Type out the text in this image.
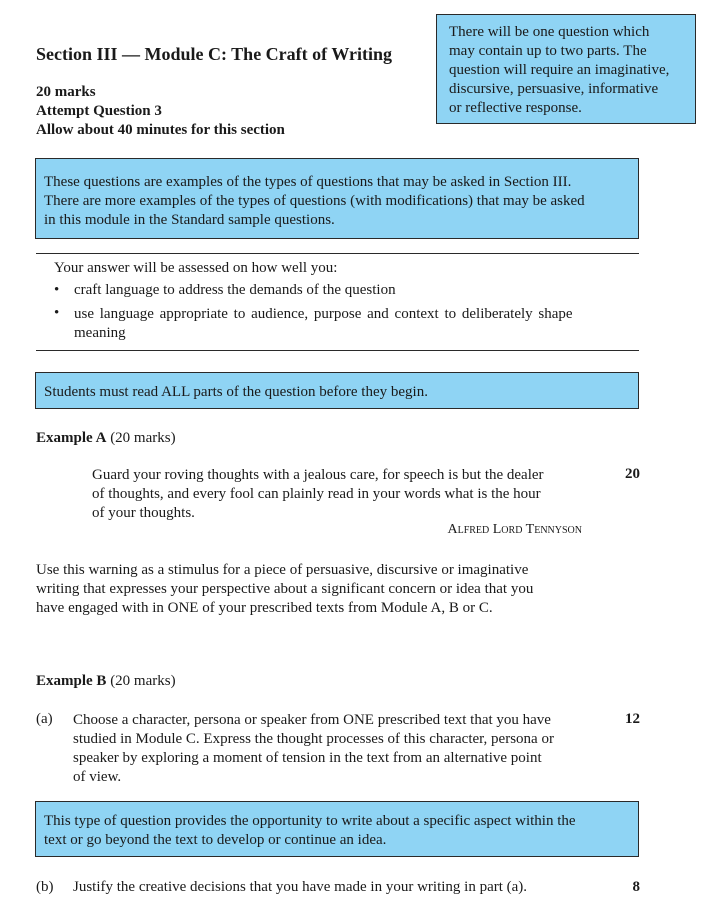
Section III — Module C: The Craft of Writing
20 marks
Attempt Question 3
Allow about 40 minutes for this section
There will be one question which
may contain up to two parts. The
question will require an imaginative,
discursive, persuasive, informative
or reflective response.
These questions are examples of the types of questions that may be asked in Section III.
There are more examples of the types of questions (with modifications) that may be asked
in this module in the Standard sample questions.
Your answer will be assessed on how well you:
• craft language to address the demands of the question
• use language appropriate to audience, purpose and context to deliberately shape
meaning
Students must read ALL parts of the question before they begin.
Example A (20 marks)
Guard your roving thoughts with a jealous care, for speech is but the dealer
of thoughts, and every fool can plainly read in your words what is the hour
of your thoughts.
20
Alfred Lord Tennyson
Use this warning as a stimulus for a piece of persuasive, discursive or imaginative
writing that expresses your perspective about a significant concern or idea that you
have engaged with in ONE of your prescribed texts from Module A, B or C.
Example B (20 marks)
(a) Choose a character, persona or speaker from ONE prescribed text that you have
studied in Module C. Express the thought processes of this character, persona or
speaker by exploring a moment of tension in the text from an alternative point
of view.
12
This type of question provides the opportunity to write about a specific aspect within the
text or go beyond the text to develop or continue an idea.
(b) Justify the creative decisions that you have made in your writing in part (a).	8
